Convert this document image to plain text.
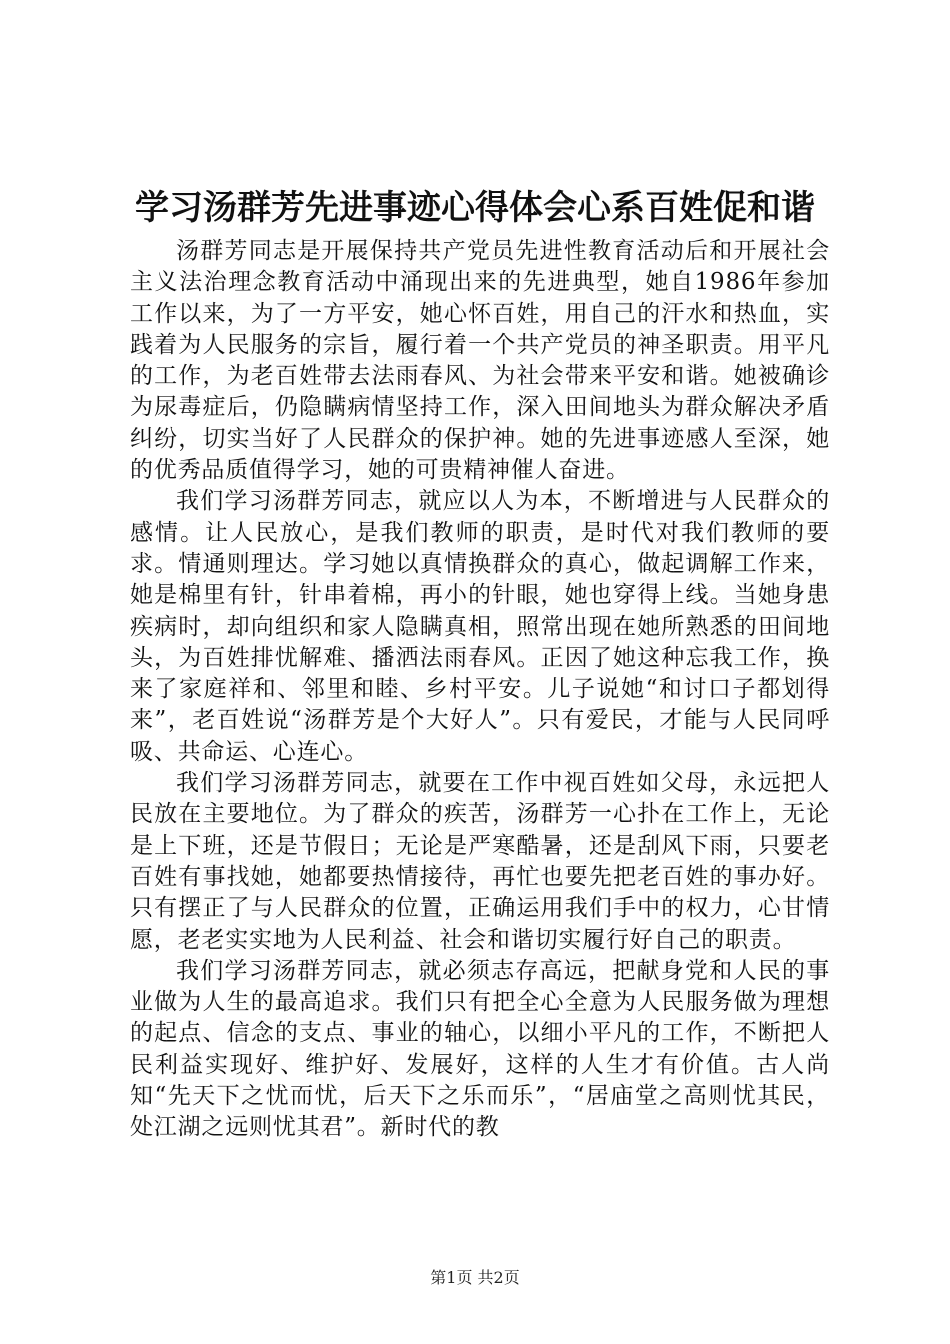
学习汤群芳先进事迹心得体会心系百姓促和谐

汤群芳同志是开展保持共产党员先进性教育活动后和开展社会主义法治理念教育活动中涌现出来的先进典型，她自1986年参加工作以来，为了一方平安，她心怀百姓，用自己的汗水和热血，实践着为人民服务的宗旨，履行着一个共产党员的神圣职责。用平凡的工作，为老百姓带去法雨春风、为社会带来平安和谐。她被确诊为尿毒症后，仍隐瞒病情坚持工作，深入田间地头为群众解决矛盾纠纷，切实当好了人民群众的保护神。她的先进事迹感人至深，她的优秀品质值得学习，她的可贵精神催人奋进。

我们学习汤群芳同志，就应以人为本，不断增进与人民群众的感情。让人民放心，是我们教师的职责，是时代对我们教师的要求。情通则理达。学习她以真情换群众的真心，做起调解工作来，她是棉里有针，针串着棉，再小的针眼，她也穿得上线。当她身患疾病时，却向组织和家人隐瞒真相，照常出现在她所熟悉的田间地头，为百姓排忧解难、播洒法雨春风。正因了她这种忘我工作，换来了家庭祥和、邻里和睦、乡村平安。儿子说她“和讨口子都划得来”，老百姓说“汤群芳是个大好人”。只有爱民，才能与人民同呼吸、共命运、心连心。

我们学习汤群芳同志，就要在工作中视百姓如父母，永远把人民放在主要地位。为了群众的疾苦，汤群芳一心扑在工作上，无论是上下班，还是节假日；无论是严寒酷暑，还是刮风下雨，只要老百姓有事找她，她都要热情接待，再忙也要先把老百姓的事办好。只有摆正了与人民群众的位置，正确运用我们手中的权力，心甘情愿，老老实实地为人民利益、社会和谐切实履行好自己的职责。

我们学习汤群芳同志，就必须志存高远，把献身党和人民的事业做为人生的最高追求。我们只有把全心全意为人民服务做为理想的起点、信念的支点、事业的轴心，以细小平凡的工作，不断把人民利益实现好、维护好、发展好，这样的人生才有价值。古人尚知“先天下之忧而忧，后天下之乐而乐”，“居庙堂之高则忧其民，处江湖之远则忧其君”。新时代的教

第1页 共2页
